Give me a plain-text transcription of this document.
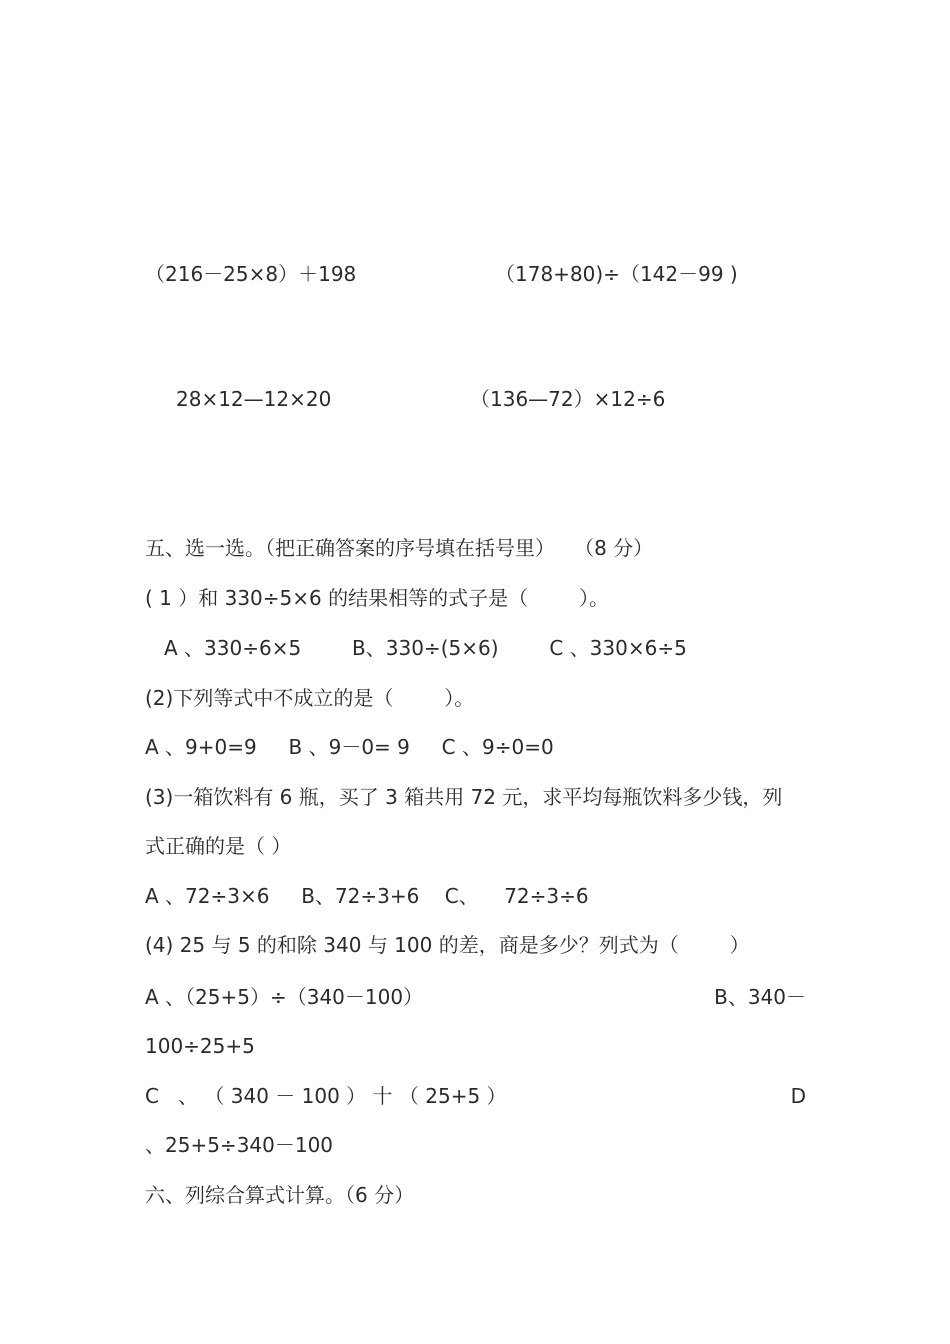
（216－25×8）＋198	（178+80)÷（142－99 )
28×12—12×20	（136—72）×12÷6
五、选一选。（把正确答案的序号填在括号里）   （8 分）
( 1 ）和 330÷5×6 的结果相等的式子是（        ）。
A 、330÷6×5        B、330÷(5×6)        C 、330×6÷5
(2)下列等式中不成立的是（        ）。
A 、9+0=9     B 、9－0= 9     C 、9÷0=0
(3)一箱饮料有 6 瓶，买了 3 箱共用 72 元，求平均每瓶饮料多少钱，列
式正确的是（ ）
A 、72÷3×6     B、72÷3+6    C、    72÷3÷6
(4) 25 与 5 的和除 340 与 100 的差，商是多少？列式为（        ）
A 、（25+5）÷（340－100）	B、340－
100÷25+5
C   、 （ 340 － 100 ） 十 （ 25+5 ）	D
、25+5÷340－100
六、列综合算式计算。（6 分）
